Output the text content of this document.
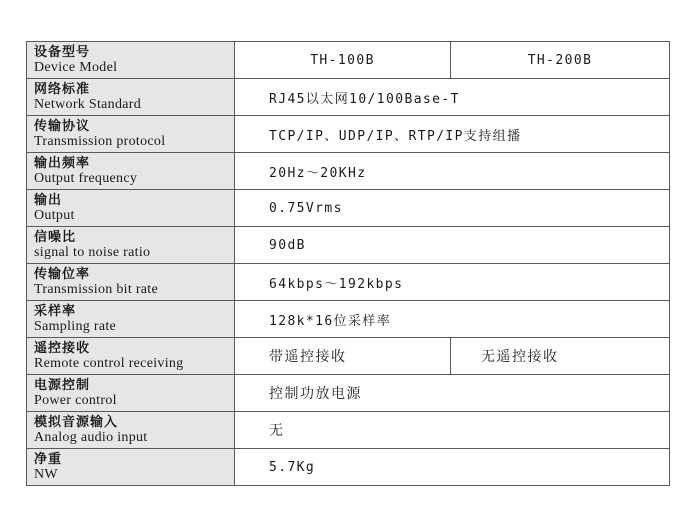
设备型号
Device Model	TH-100B	TH-200B

网络标准
Network Standard	RJ45以太网10/100Base-T	

传输协议
Transmission protocol	TCP/IP、UDP/IP、RTP/IP支持组播	

输出频率
Output frequency	20Hz～20KHz	

输出
Output	0.75Vrms	

信噪比
signal to noise ratio	90dB	

传输位率
Transmission bit rate	64kbps～192kbps	

采样率
Sampling rate	128k*16位采样率	

遥控接收
Remote control receiving	带遥控接收	无遥控接收

电源控制
Power control	控制功放电源	

模拟音源输入
Analog audio input	无	

净重
NW	5.7Kg	
